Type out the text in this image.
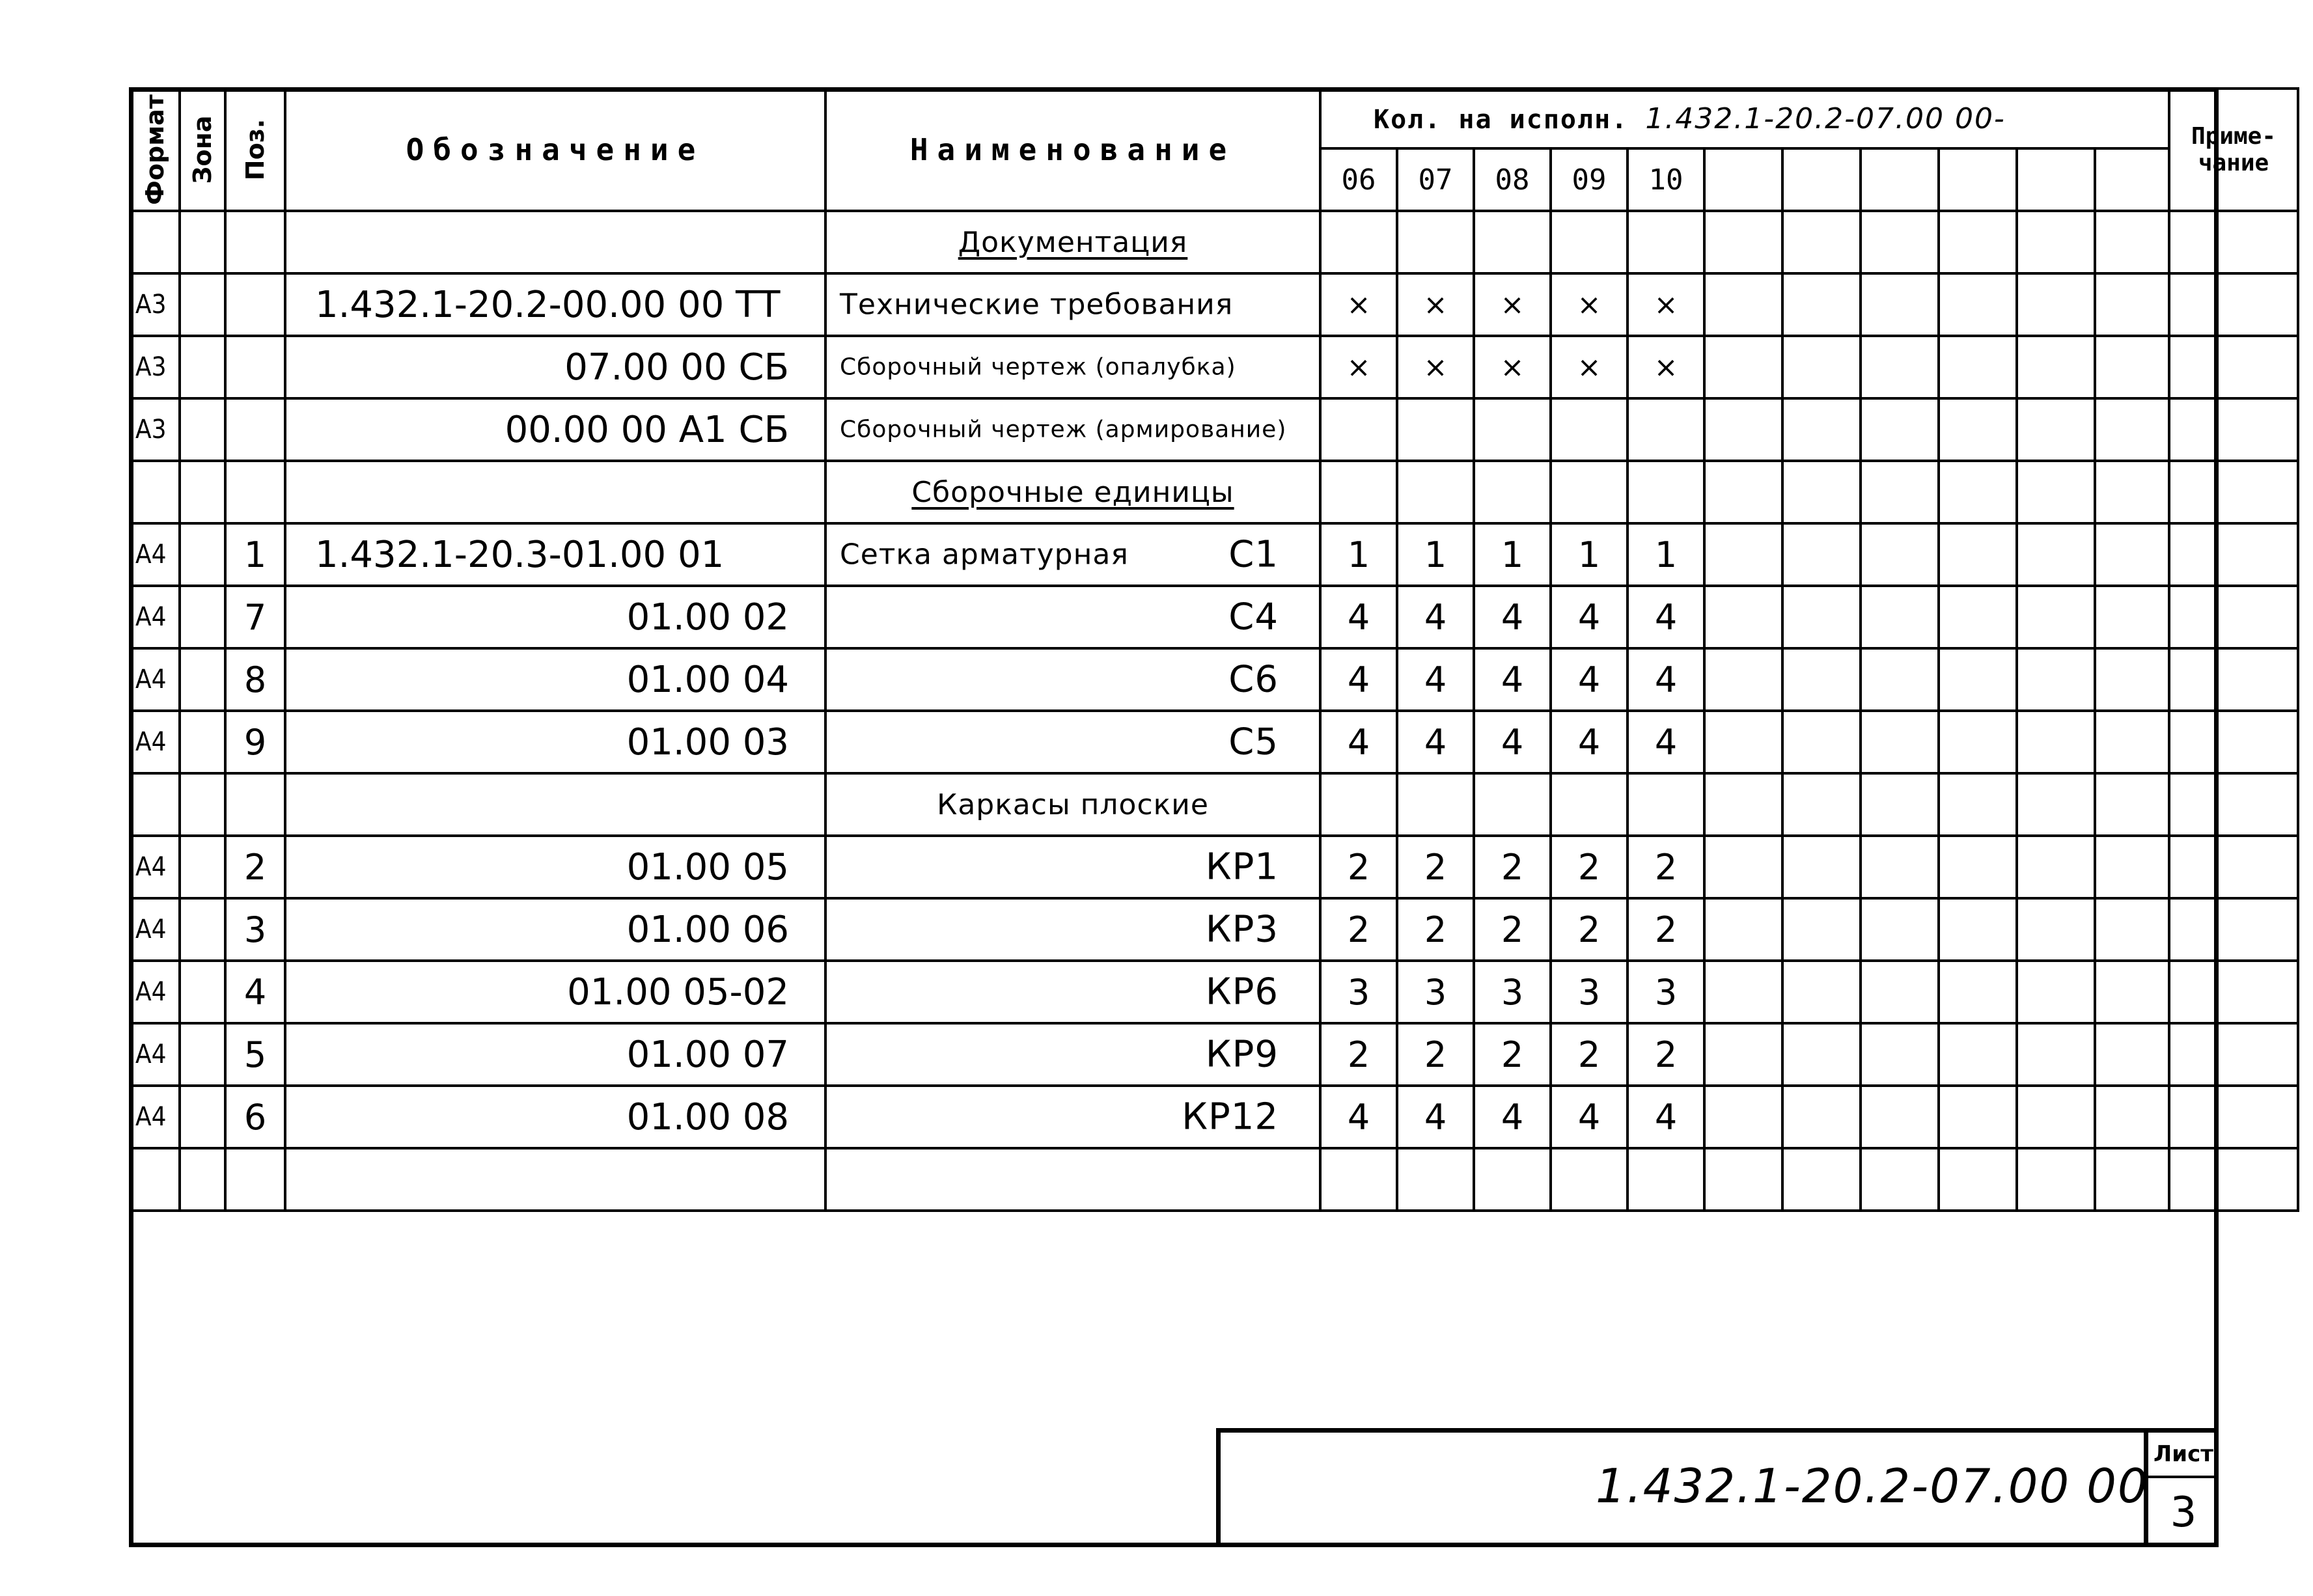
Формат	Зона	Поз.	Обозначение	Наименование	Кол. на исполн. 1.432.1-20.2-07.00 00-											Приме-
чание

					06	07	08	09	10							
				Документация												
А3			1.432.1-20.2-00.00 00 ТТ	Технические требования	×	×	×	×	×							
А3			07.00 00 СБ	Сборочный чертеж (опалубка)	×	×	×	×	×							
А3			00.00 00 А1 СБ	Сборочный чертеж (армирование)												

				Сборочные единицы												
А4		1	1.432.1-20.3-01.00 01	Сетка арматурная С1	1	1	1	1	1							
А4		7	01.00 02	С4	4	4	4	4	4							
А4		8	01.00 04	С6	4	4	4	4	4							
А4		9	01.00 03	С5	4	4	4	4	4							
				Каркасы плоские												
А4		2	01.00 05	КР1	2	2	2	2	2							
А4		3	01.00 06	КР3	2	2	2	2	2							
А4		4	01.00 05-02	КР6	3	3	3	3	3							
А4		5	01.00 07	КР9	2	2	2	2	2							
А4		6	01.00 08	КР12	4	4	4	4	4							

1.432.1-20.2-07.00 00
Лист
3
